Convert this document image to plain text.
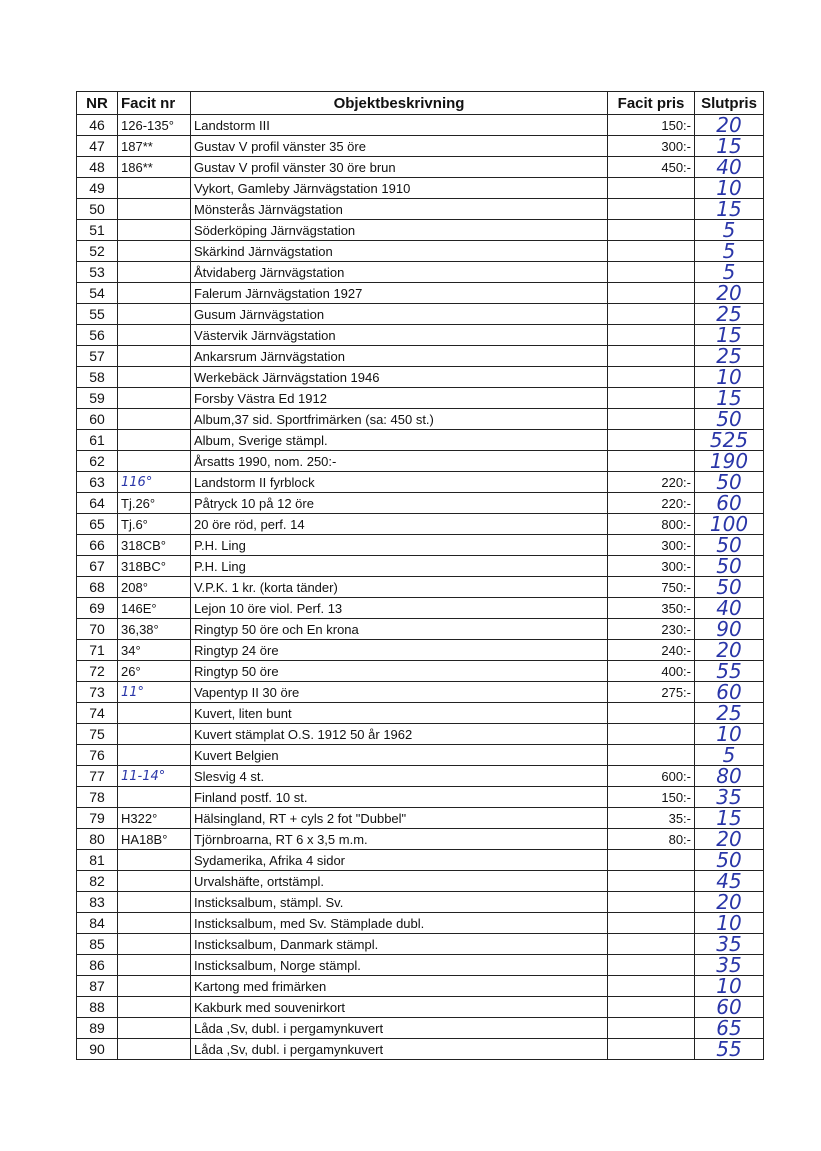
NR	Facit nr	Objektbeskrivning	Facit pris	Slutpris
46	126-135°	Landstorm III	150:-	20
47	187**	Gustav V profil vänster 35 öre	300:-	15
48	186**	Gustav V profil vänster 30 öre brun	450:-	40
49		Vykort, Gamleby Järnvägstation 1910		10
50		Mönsterås Järnvägstation		15
51		Söderköping Järnvägstation		5
52		Skärkind Järnvägstation		5
53		Åtvidaberg Järnvägstation		5
54		Falerum Järnvägstation 1927		20
55		Gusum Järnvägstation		25
56		Västervik Järnvägstation		15
57		Ankarsrum Järnvägstation		25
58		Werkebäck Järnvägstation 1946		10
59		Forsby Västra Ed 1912		15
60		Album,37 sid. Sportfrimärken (sa: 450 st.)		50
61		Album, Sverige stämpl.		525
62		Årsatts 1990, nom. 250:-		190
63	116°	Landstorm II fyrblock	220:-	50
64	Tj.26°	Påtryck 10 på 12 öre	220:-	60
65	Tj.6°	20 öre röd, perf. 14	800:-	100
66	318CB°	P.H. Ling	300:-	50
67	318BC°	P.H. Ling	300:-	50
68	208°	V.P.K. 1 kr. (korta tänder)	750:-	50
69	146E°	Lejon 10 öre viol. Perf. 13	350:-	40
70	36,38°	Ringtyp 50 öre och En krona	230:-	90
71	34°	Ringtyp 24 öre	240:-	20
72	26°	Ringtyp 50 öre	400:-	55
73	11°	Vapentyp II 30 öre	275:-	60
74		Kuvert, liten bunt		25
75		Kuvert stämplat O.S. 1912 50 år 1962		10
76		Kuvert Belgien		5
77	11-14°	Slesvig 4 st.	600:-	80
78		Finland postf. 10 st.	150:-	35
79	H322°	Hälsingland, RT + cyls 2 fot "Dubbel"	35:-	15
80	HA18B°	Tjörnbroarna, RT 6 x 3,5 m.m.	80:-	20
81		Sydamerika, Afrika 4 sidor		50
82		Urvalshäfte, ortstämpl.		45
83		Insticksalbum, stämpl. Sv.		20
84		Insticksalbum, med Sv. Stämplade dubl.		10
85		Insticksalbum, Danmark stämpl.		35
86		Insticksalbum, Norge stämpl.		35
87		Kartong med frimärken		10
88		Kakburk med souvenirkort		60
89		Låda ,Sv, dubl. i pergamynkuvert		65
90		Låda ,Sv, dubl. i pergamynkuvert		55
